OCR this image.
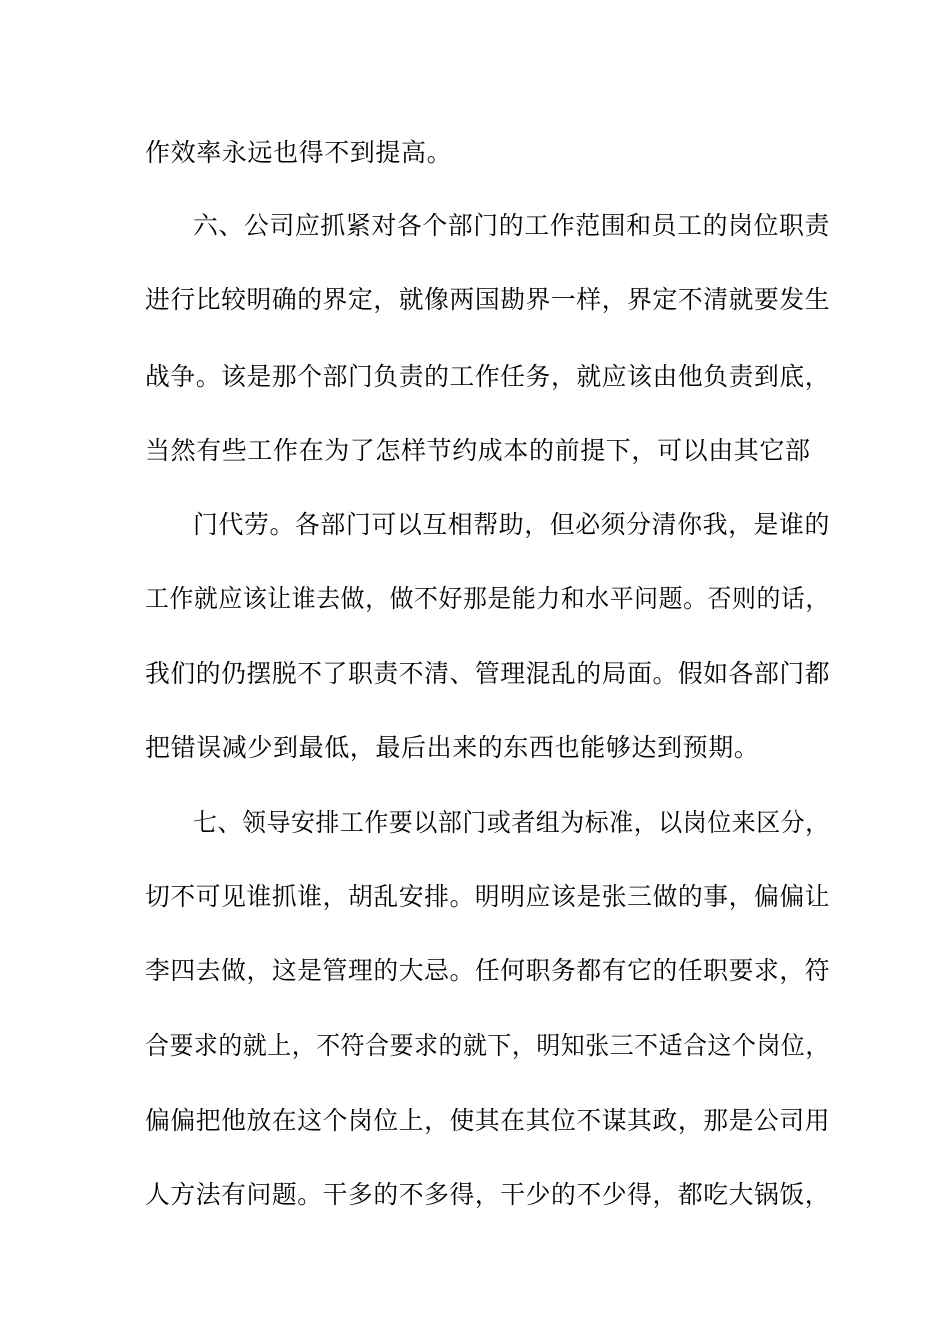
作效率永远也得不到提高。
六、公司应抓紧对各个部门的工作范围和员工的岗位职责
进行比较明确的界定，就像两国勘界一样，界定不清就要发生
战争。该是那个部门负责的工作任务，就应该由他负责到底，
当然有些工作在为了怎样节约成本的前提下，可以由其它部
门代劳。各部门可以互相帮助，但必须分清你我，是谁的
工作就应该让谁去做，做不好那是能力和水平问题。否则的话，
我们的仍摆脱不了职责不清、管理混乱的局面。假如各部门都
把错误减少到最低，最后出来的东西也能够达到预期。
七、领导安排工作要以部门或者组为标准，以岗位来区分，
切不可见谁抓谁，胡乱安排。明明应该是张三做的事，偏偏让
李四去做，这是管理的大忌。任何职务都有它的任职要求，符
合要求的就上，不符合要求的就下，明知张三不适合这个岗位，
偏偏把他放在这个岗位上，使其在其位不谋其政，那是公司用
人方法有问题。干多的不多得，干少的不少得，都吃大锅饭，
